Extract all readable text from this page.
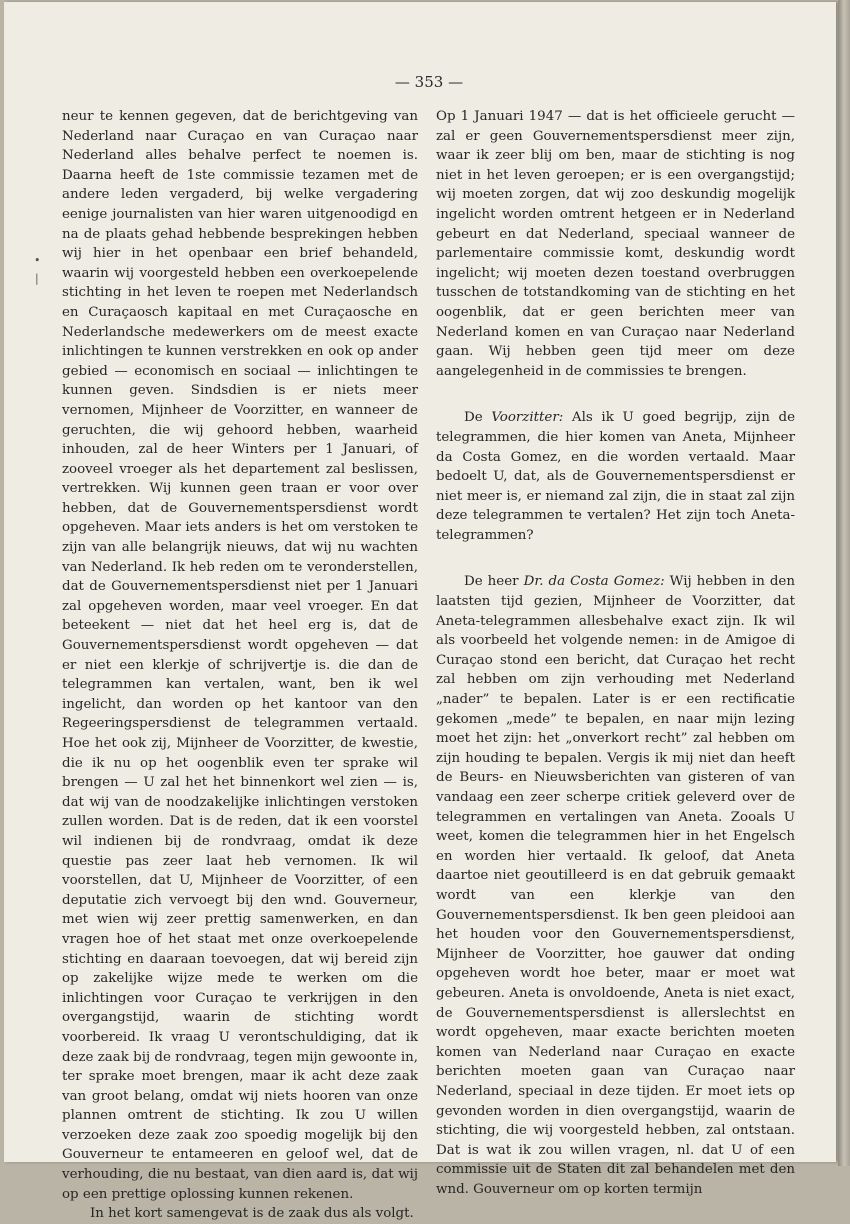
— 353 —
•
|

neur te kennen gegeven, dat de berichtgeving van Nederland naar Curaçao en van Curaçao naar Nederland alles behalve perfect te noemen is. Daarna heeft de 1ste commissie tezamen met de andere leden vergaderd, bij welke vergadering eenige journalisten van hier waren uitgenoodigd en na de plaats gehad hebbende besprekingen hebben wij hier in het openbaar een brief behandeld, waarin wij voorgesteld hebben een overkoepelende stichting in het leven te roepen met Nederlandsch en Curaçaosch kapitaal en met Curaçaosche en Nederlandsche medewerkers om de meest exacte inlichtingen te kunnen verstrekken en ook op ander gebied — economisch en sociaal — inlichtingen te kunnen geven. Sindsdien is er niets meer vernomen, Mijnheer de Voorzitter, en wanneer de geruchten, die wij gehoord hebben, waarheid inhouden, zal de heer Winters per 1 Januari, of zooveel vroeger als het departement zal beslissen, vertrekken. Wij kunnen geen traan er voor over hebben, dat de Gouvernementspersdienst wordt opgeheven. Maar iets anders is het om verstoken te zijn van alle belangrijk nieuws, dat wij nu wachten van Nederland. Ik heb reden om te veronderstellen, dat de Gouvernementspersdienst niet per 1 Januari zal opgeheven worden, maar veel vroeger. En dat beteekent — niet dat het heel erg is, dat de Gouvernementspersdienst wordt opgeheven — dat er niet een klerkje of schrijvertje is. die dan de telegrammen kan vertalen, want, ben ik wel ingelicht, dan worden op het kantoor van den Regeeringspersdienst de telegrammen vertaald. Hoe het ook zij, Mijnheer de Voorzitter, de kwestie, die ik nu op het oogenblik even ter sprake wil brengen — U zal het het binnenkort wel zien — is, dat wij van de noodzakelijke inlichtingen verstoken zullen worden. Dat is de reden, dat ik een voorstel wil indienen bij de rondvraag, omdat ik deze questie pas zeer laat heb vernomen. Ik wil voorstellen, dat U, Mijnheer de Voorzitter, of een deputatie zich vervoegt bij den wnd. Gouverneur, met wien wij zeer prettig samenwerken, en dan vragen hoe of het staat met onze overkoepelende stichting en daaraan toevoegen, dat wij bereid zijn op zakelijke wijze mede te werken om die inlichtingen voor Curaçao te verkrijgen in den overgangstijd, waarin de stichting wordt voorbereid. Ik vraag U verontschuldiging, dat ik deze zaak bij de rondvraag, tegen mijn gewoonte in, ter sprake moet brengen, maar ik acht deze zaak van groot belang, omdat wij niets hooren van onze plannen omtrent de stichting. Ik zou U willen verzoeken deze zaak zoo spoedig mogelijk bij den Gouverneur te entameeren en geloof wel, dat de verhouding, die nu bestaat, van dien aard is, dat wij op een prettige oplossing kunnen rekenen.

In het kort samengevat is de zaak dus als volgt.

Op 1 Januari 1947 — dat is het officieele gerucht — zal er geen Gouvernementspersdienst meer zijn, waar ik zeer blij om ben, maar de stichting is nog niet in het leven geroepen; er is een overgangstijd; wij moeten zorgen, dat wij zoo deskundig mogelijk ingelicht worden omtrent hetgeen er in Nederland gebeurt en dat Nederland, speciaal wanneer de parlementaire commissie komt, deskundig wordt ingelicht; wij moeten dezen toestand overbruggen tusschen de totstandkoming van de stichting en het oogenblik, dat er geen berichten meer van Nederland komen en van Curaçao naar Nederland gaan. Wij hebben geen tijd meer om deze aangelegenheid in de commissies te brengen.

De Voorzitter: Als ik U goed begrijp, zijn de telegrammen, die hier komen van Aneta, Mijnheer da Costa Gomez, en die worden vertaald. Maar bedoelt U, dat, als de Gouvernementspersdienst er niet meer is, er niemand zal zijn, die in staat zal zijn deze telegrammen te vertalen? Het zijn toch Aneta-telegrammen?

De heer Dr. da Costa Gomez: Wij hebben in den laatsten tijd gezien, Mijnheer de Voorzitter, dat Aneta-telegrammen allesbehalve exact zijn. Ik wil als voorbeeld het volgende nemen: in de Amigoe di Curaçao stond een bericht, dat Curaçao het recht zal hebben om zijn verhouding met Nederland „nader” te bepalen. Later is er een rectificatie gekomen „mede” te bepalen, en naar mijn lezing moet het zijn: het „onverkort recht” zal hebben om zijn houding te bepalen. Vergis ik mij niet dan heeft de Beurs- en Nieuwsberichten van gisteren of van vandaag een zeer scherpe critiek geleverd over de telegrammen en vertalingen van Aneta. Zooals U weet, komen die telegrammen hier in het Engelsch en worden hier vertaald. Ik geloof, dat Aneta daartoe niet geoutilleerd is en dat gebruik gemaakt wordt van een klerkje van den Gouvernementspersdienst. Ik ben geen pleidooi aan het houden voor den Gouvernementspersdienst, Mijnheer de Voorzitter, hoe gauwer dat onding opgeheven wordt hoe beter, maar er moet wat gebeuren. Aneta is onvoldoende, Aneta is niet exact, de Gouvernementspersdienst is allerslechtst en wordt opgeheven, maar exacte berichten moeten komen van Nederland naar Curaçao en exacte berichten moeten gaan van Curaçao naar Nederland, speciaal in deze tijden. Er moet iets op gevonden worden in dien overgangstijd, waarin de stichting, die wij voorgesteld hebben, zal ontstaan. Dat is wat ik zou willen vragen, nl. dat U of een commissie uit de Staten dit zal behandelen met den wnd. Gouverneur om op korten termijn
